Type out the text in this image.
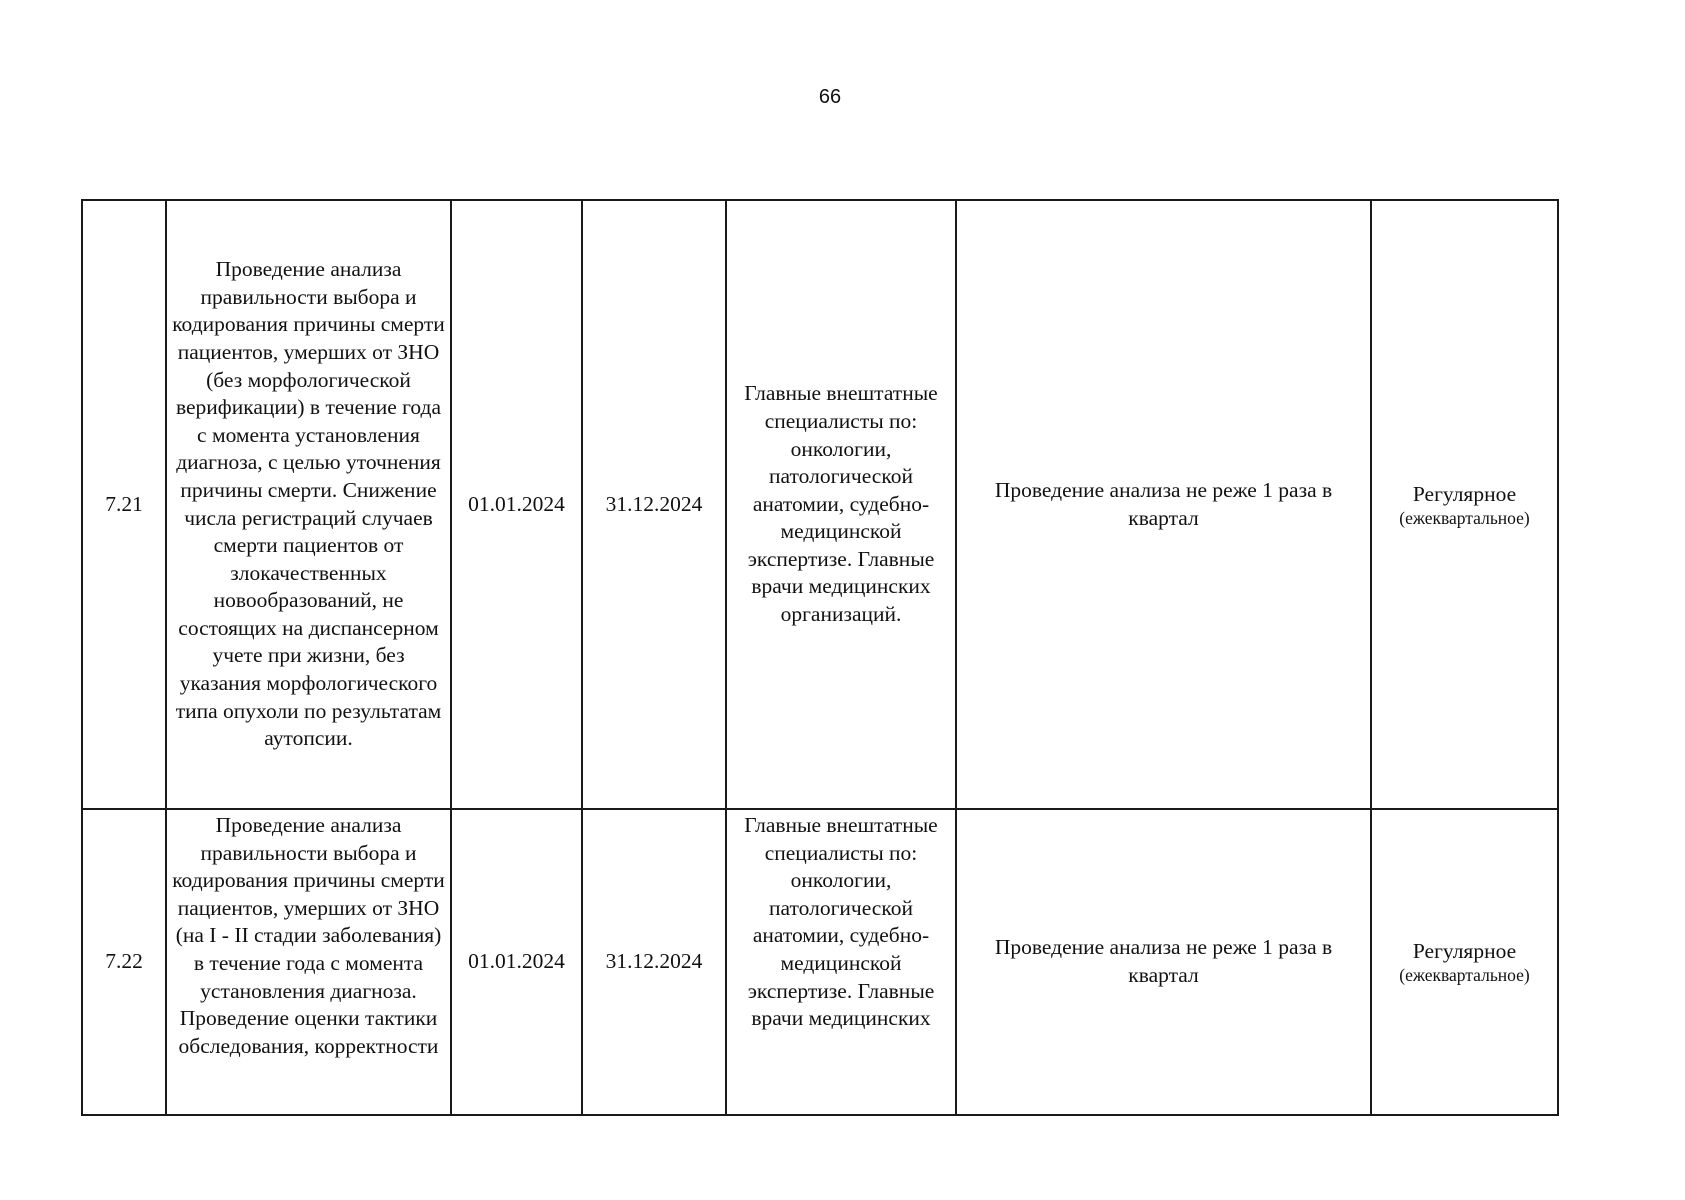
66
7.21	Проведение анализа правильности выбора и кодирования причины смерти пациентов, умерших от ЗНО (без морфологической верификации) в течение года с момента установления диагноза, с целью уточнения причины смерти. Снижение числа регистраций случаев смерти пациентов от злокачественных новообразований, не состоящих на диспансерном учете при жизни, без указания морфологического типа опухоли по результатам аутопсии.	01.01.2024	31.12.2024	Главные внештатные специалисты по: онкологии, патологической анатомии, судебно-медицинской экспертизе. Главные врачи медицинских организаций.	Проведение анализа не реже 1 раза в квартал	Регулярное
(ежеквартальное)

7.22	Проведение анализа правильности выбора и кодирования причины смерти пациентов, умерших от ЗНО (на I - II стадии заболевания) в течение года с момента установления диагноза. Проведение оценки тактики обследования, корректности	01.01.2024	31.12.2024	Главные внештатные специалисты по: онкологии, патологической анатомии, судебно-медицинской экспертизе. Главные врачи медицинских	Проведение анализа не реже 1 раза в квартал	Регулярное
(ежеквартальное)
